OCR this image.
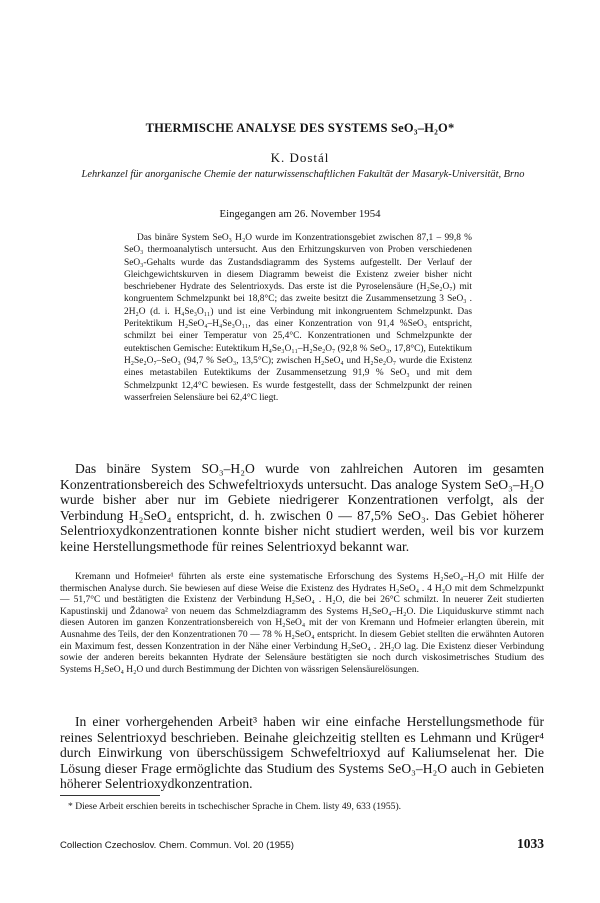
THERMISCHE ANALYSE DES SYSTEMS SeO₃–H₂O*
K. Dostál
Lehrkanzel für anorganische Chemie der naturwissenschaftlichen Fakultät der Masaryk-Universität, Brno
Eingegangen am 26. November 1954

Das binäre System SeO₃ H₂O wurde im Konzentrationsgebiet zwischen 87,1 – 99,8 % SeO₃ thermoanalytisch untersucht. Aus den Erhitzungskurven von Proben verschiedenen SeO₃-Gehalts wurde das Zustandsdiagramm des Systems aufgestellt. Der Verlauf der Gleichgewichtskurven in diesem Diagramm beweist die Existenz zweier bisher nicht beschriebener Hydrate des Selentrioxyds. Das erste ist die Pyroselensäure (H₂Se₂O₇) mit kongruentem Schmelzpunkt bei 18,8°C; das zweite besitzt die Zusammensetzung 3 SeO₃ . 2H₂O (d. i. H₄Se₃O₁₁) und ist eine Verbindung mit inkongruentem Schmelzpunkt. Das Peritektikum H₂SeO₄–H₄Se₃O₁₁, das einer Konzentration von 91,4 %SeO₃ entspricht, schmilzt bei einer Temperatur von 25,4°C. Konzentrationen und Schmelzpunkte der eutektischen Gemische: Eutektikum H₄Se₃O₁₁–H₂Se₂O₇ (92,8 % SeO₃, 17,8°C), Eutektikum H₂Se₂O₇–SeO₃ (94,7 % SeO₃, 13,5°C); zwischen H₂SeO₄ und H₂Se₂O₇ wurde die Existenz eines metastabilen Eutektikums der Zusammensetzung 91,9 % SeO₃ und mit dem Schmelzpunkt 12,4°C bewiesen. Es wurde festgestellt, dass der Schmelzpunkt der reinen wasserfreien Selensäure bei 62,4°C liegt.

Das binäre System SO₃–H₂O wurde von zahlreichen Autoren im gesamten Konzentrationsbereich des Schwefeltrioxyds untersucht. Das analoge System SeO₃–H₂O wurde bisher aber nur im Gebiete niedrigerer Konzentrationen verfolgt, als der Verbindung H₂SeO₄ entspricht, d. h. zwischen 0 — 87,5% SeO₃. Das Gebiet höherer Selentrioxydkonzentrationen konnte bisher nicht studiert werden, weil bis vor kurzem keine Herstellungsmethode für reines Selentrioxyd bekannt war.

Kremann und Hofmeier¹ führten als erste eine systematische Erforschung des Systems H₂SeO₄–H₂O mit Hilfe der thermischen Analyse durch. Sie bewiesen auf diese Weise die Existenz des Hydrates H₂SeO₄ . 4 H₂O mit dem Schmelzpunkt — 51,7°C und bestätigten die Existenz der Verbindung H₂SeO₄ . H₂O, die bei 26°C schmilzt. In neuerer Zeit studierten Kapustinskij und Ždanowa² von neuem das Schmelzdiagramm des Systems H₂SeO₄–H₂O. Die Liquiduskurve stimmt nach diesen Autoren im ganzen Konzentrationsbereich von H₂SeO₄ mit der von Kremann und Hofmeier erlangten überein, mit Ausnahme des Teils, der den Konzentrationen 70 — 78 % H₂SeO₄ entspricht. In diesem Gebiet stellten die erwähnten Autoren ein Maximum fest, dessen Konzentration in der Nähe einer Verbindung H₂SeO₄ . 2H₂O lag. Die Existenz dieser Verbindung sowie der anderen bereits bekannten Hydrate der Selensäure bestätigten sie noch durch viskosimetrisches Studium des Systems H₂SeO₄ H₂O und durch Bestimmung der Dichten von wässrigen Selensäurelösungen.

In einer vorhergehenden Arbeit³ haben wir eine einfache Herstellungsmethode für reines Selentrioxyd beschrieben. Beinahe gleichzeitig stellten es Lehmann und Krüger⁴ durch Einwirkung von überschüssigem Schwefeltrioxyd auf Kaliumselenat her. Die Lösung dieser Frage ermöglichte das Studium des Systems SeO₃–H₂O auch in Gebieten höherer Selentrioxydkonzentration.

* Diese Arbeit erschien bereits in tschechischer Sprache in Chem. listy 49, 633 (1955).
Collection Czechoslov. Chem. Commun. Vol. 20 (1955)	1033
